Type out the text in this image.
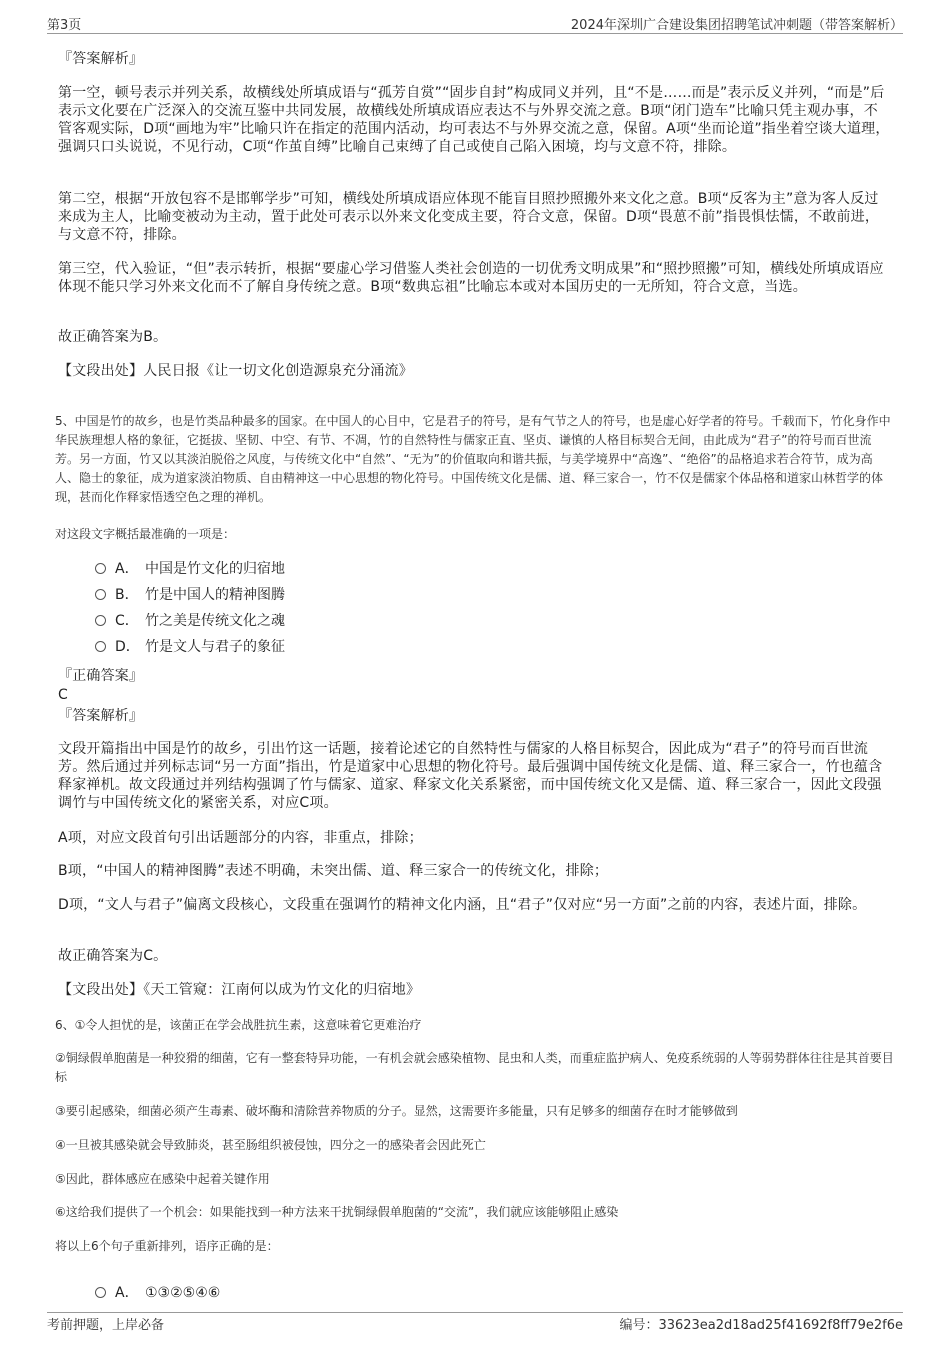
第3页	2024年深圳广合建设集团招聘笔试冲刺题（带答案解析）
『答案解析』
第一空，顿号表示并列关系，故横线处所填成语与“孤芳自赏”“固步自封”构成同义并列，且“不是……而是”表示反义并列，“而是”后表示文化要在广泛深入的交流互鉴中共同发展，故横线处所填成语应表达不与外界交流之意。B项“闭门造车”比喻只凭主观办事，不管客观实际，D项“画地为牢”比喻只许在指定的范围内活动，均可表达不与外界交流之意，保留。A项“坐而论道”指坐着空谈大道理，强调只口头说说，不见行动，C项“作茧自缚”比喻自己束缚了自己或使自己陷入困境，均与文意不符，排除。
第二空，根据“开放包容不是邯郸学步”可知，横线处所填成语应体现不能盲目照抄照搬外来文化之意。B项“反客为主”意为客人反过来成为主人，比喻变被动为主动，置于此处可表示以外来文化变成主要，符合文意，保留。D项“畏葸不前”指畏惧怯懦，不敢前进，与文意不符，排除。
第三空，代入验证，“但”表示转折，根据“要虚心学习借鉴人类社会创造的一切优秀文明成果”和“照抄照搬”可知，横线处所填成语应体现不能只学习外来文化而不了解自身传统之意。B项“数典忘祖”比喻忘本或对本国历史的一无所知，符合文意，当选。
故正确答案为B。
【文段出处】人民日报《让一切文化创造源泉充分涌流》
5、中国是竹的故乡，也是竹类品种最多的国家。在中国人的心目中，它是君子的符号，是有气节之人的符号，也是虚心好学者的符号。千载而下，竹化身作中华民族理想人格的象征，它挺拔、坚韧、中空、有节、不凋，竹的自然特性与儒家正直、坚贞、谦慎的人格目标契合无间，由此成为“君子”的符号而百世流芳。另一方面，竹又以其淡泊脱俗之风度，与传统文化中“自然”、“无为”的价值取向和谐共振，与美学境界中“高逸”、“绝俗”的品格追求若合符节，成为高人、隐士的象征，成为道家淡泊物质、自由精神这一中心思想的物化符号。中国传统文化是儒、道、释三家合一，竹不仅是儒家个体品格和道家山林哲学的体现，甚而化作释家悟透空色之理的禅机。
对这段文字概括最准确的一项是：
A． 中国是竹文化的归宿地
B． 竹是中国人的精神图腾
C． 竹之美是传统文化之魂
D． 竹是文人与君子的象征
『正确答案』
C
『答案解析』
文段开篇指出中国是竹的故乡，引出竹这一话题，接着论述它的自然特性与儒家的人格目标契合，因此成为“君子”的符号而百世流芳。然后通过并列标志词“另一方面”指出，竹是道家中心思想的物化符号。最后强调中国传统文化是儒、道、释三家合一，竹也蕴含释家禅机。故文段通过并列结构强调了竹与儒家、道家、释家文化关系紧密，而中国传统文化又是儒、道、释三家合一，因此文段强调竹与中国传统文化的紧密关系，对应C项。
A项，对应文段首句引出话题部分的内容，非重点，排除；
B项，“中国人的精神图腾”表述不明确，未突出儒、道、释三家合一的传统文化，排除；
D项，“文人与君子”偏离文段核心，文段重在强调竹的精神文化内涵，且“君子”仅对应“另一方面”之前的内容，表述片面，排除。
故正确答案为C。
【文段出处】《天工管窥：江南何以成为竹文化的归宿地》
6、①令人担忧的是，该菌正在学会战胜抗生素，这意味着它更难治疗
②铜绿假单胞菌是一种狡猾的细菌，它有一整套特异功能，一有机会就会感染植物、昆虫和人类，而重症监护病人、免疫系统弱的人等弱势群体往往是其首要目标
③要引起感染，细菌必须产生毒素、破坏酶和清除营养物质的分子。显然，这需要许多能量，只有足够多的细菌存在时才能够做到
④一旦被其感染就会导致肺炎，甚至肠组织被侵蚀，四分之一的感染者会因此死亡
⑤因此，群体感应在感染中起着关键作用
⑥这给我们提供了一个机会：如果能找到一种方法来干扰铜绿假单胞菌的“交流”，我们就应该能够阻止感染
将以上6个句子重新排列，语序正确的是：
A． ①③②⑤④⑥
考前押题，上岸必备	编号：33623ea2d18ad25f41692f8ff79e2f6e
